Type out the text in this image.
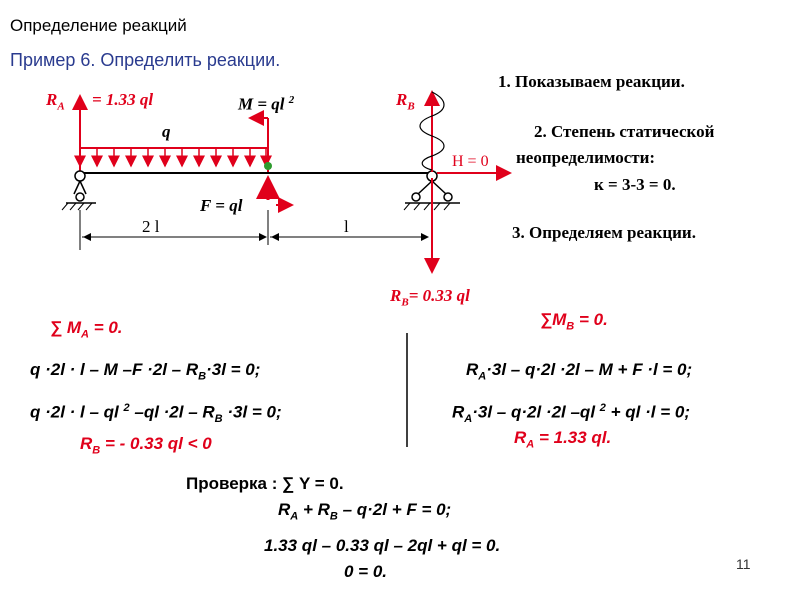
Определение реакций
Пример 6. Определить реакции.
$R_A = 1.33$ ql	M = ql $^2$	$R_B$
q
H = 0
F = ql
2 l	l
$R_B= 0.33$ ql
1. Показываем реакции.
2. Степень статической
неопределимости:
к = 3-3 = 0.
3. Определяем реакции.
∑ $M_A = 0$.
q ·2l · l – M $-F \cdot 2l - R_B\cdot 3l = 0$;
q ·2l · l – ql $^2$ $-ql \cdot 2l - R_B \cdot 3l = 0$;
$R_B$ = - 0.33 ql < 0
$\sum M_B = 0$.
$R_A\cdot 3l - q\cdot 2l \cdot 2l - M + F \cdot l = 0$;
$R_A\cdot 3l - q\cdot 2l \cdot 2l$ –ql $^2$ + ql ·l = 0;
$R_A = 1.33$ ql.
Проверка : ∑ Y = 0.
$R_A + R_B - q\cdot 2l + F = 0$;
1.33 ql – 0.33 ql – 2ql + ql = 0.
0 = 0.	11
